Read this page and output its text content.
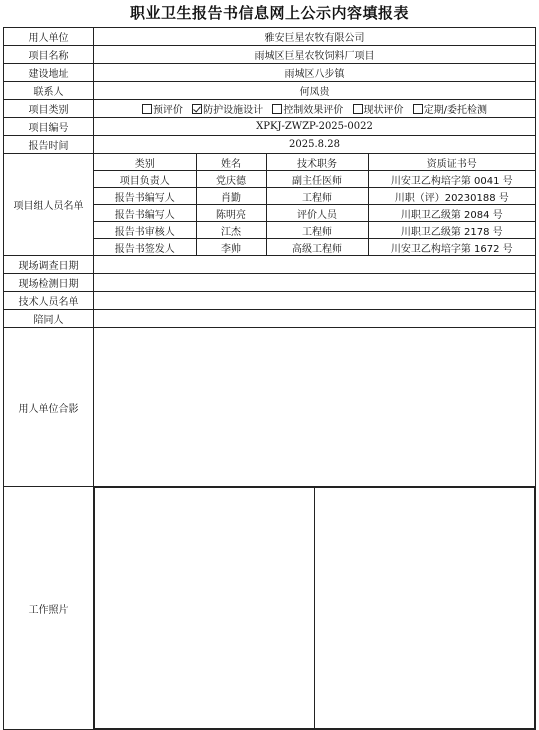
职业卫生报告书信息网上公示内容填报表
用人单位	雅安巨星农牧有限公司
项目名称	雨城区巨星农牧饲料厂项目
建设地址	雨城区八步镇
联系人	何凤贵
项目类别	预评价 防护设施设计 控制效果评价 现状评价 定期/委托检测
项目编号	XPKJ-ZWZP-2025-0022
报告时间	2025.8.28
项目组人员名单	
类别	姓名	技术职务	资质证书号
项目负责人	党庆德	副主任医师	川安卫乙构培字第 0041 号
报告书编写人	肖勤	工程师	川职（评）20230188 号
报告书编写人	陈明亮	评价人员	川职卫乙级第 2084 号
报告书审核人	江杰	工程师	川职卫乙级第 2178 号
报告书签发人	李帅	高级工程师	川安卫乙构培字第 1672 号

现场调查日期	
现场检测日期	
技术人员名单	
陪同人	
用人单位合影	
工作照片	
